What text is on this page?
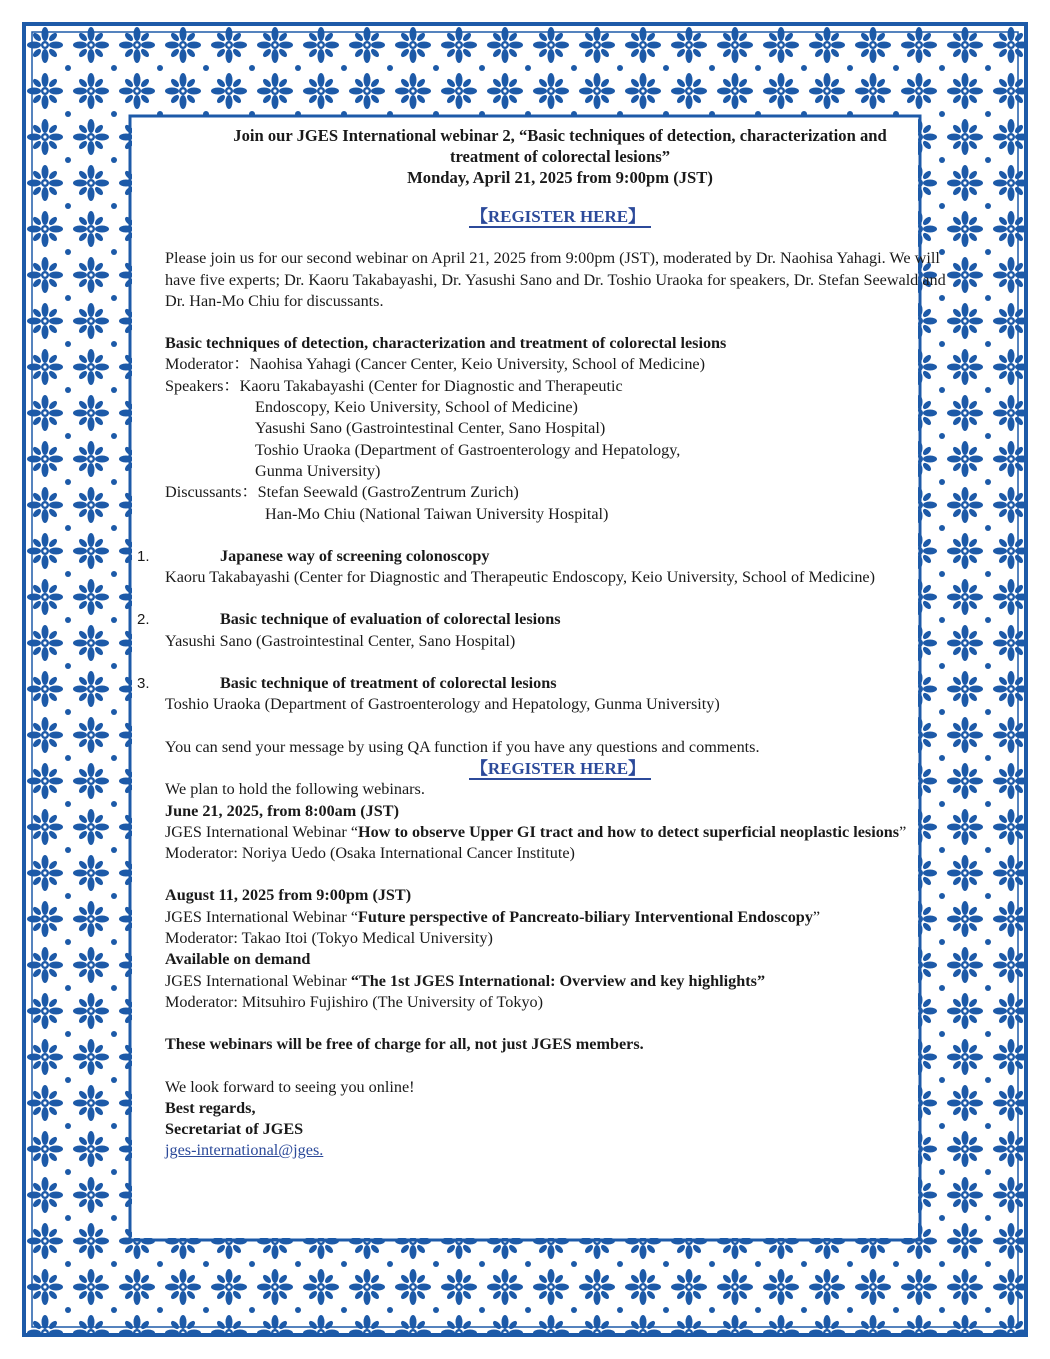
Join our JGES International webinar 2, “Basic techniques of detection, characterization and
treatment of colorectal lesions”
Monday, April 21, 2025 from 9:00pm (JST)
【REGISTER HERE】

Please join us for our second webinar on April 21, 2025 from 9:00pm (JST), moderated by Dr. Naohisa Yahagi. We will have five experts; Dr. Kaoru Takabayashi, Dr. Yasushi Sano and Dr. Toshio Uraoka for speakers, Dr. Stefan Seewald and Dr. Han-Mo Chiu for discussants.

Basic techniques of detection, characterization and treatment of colorectal lesions

Moderator：Naohisa Yahagi (Cancer Center, Keio University, School of Medicine)

Speakers：Kaoru Takabayashi (Center for Diagnostic and Therapeutic

Endoscopy, Keio University, School of Medicine)

Yasushi Sano (Gastrointestinal Center, Sano Hospital)

Toshio Uraoka (Department of Gastroenterology and Hepatology,

Gunma University)

Discussants：Stefan Seewald (GastroZentrum Zurich)

Han-Mo Chiu (National Taiwan University Hospital)

1.	Japanese way of screening colonoscopy

Kaoru Takabayashi (Center for Diagnostic and Therapeutic Endoscopy, Keio University, School of Medicine)

2.	Basic technique of evaluation of colorectal lesions

Yasushi Sano (Gastrointestinal Center, Sano Hospital)

3.	Basic technique of treatment of colorectal lesions

Toshio Uraoka (Department of Gastroenterology and Hepatology, Gunma University)

You can send your message by using QA function if you have any questions and comments.

【REGISTER HERE】

We plan to hold the following webinars.

June 21, 2025, from 8:00am (JST)

JGES International Webinar “How to observe Upper GI tract and how to detect superficial neoplastic lesions”

Moderator: Noriya Uedo (Osaka International Cancer Institute)

August 11, 2025 from 9:00pm (JST)

JGES International Webinar “Future perspective of Pancreato-biliary Interventional Endoscopy”

Moderator: Takao Itoi (Tokyo Medical University)

Available on demand

JGES International Webinar “The 1st JGES International: Overview and key highlights”

Moderator: Mitsuhiro Fujishiro (The University of Tokyo)

These webinars will be free of charge for all, not just JGES members.

We look forward to seeing you online!

Best regards,

Secretariat of JGES

jges-international@jges.
